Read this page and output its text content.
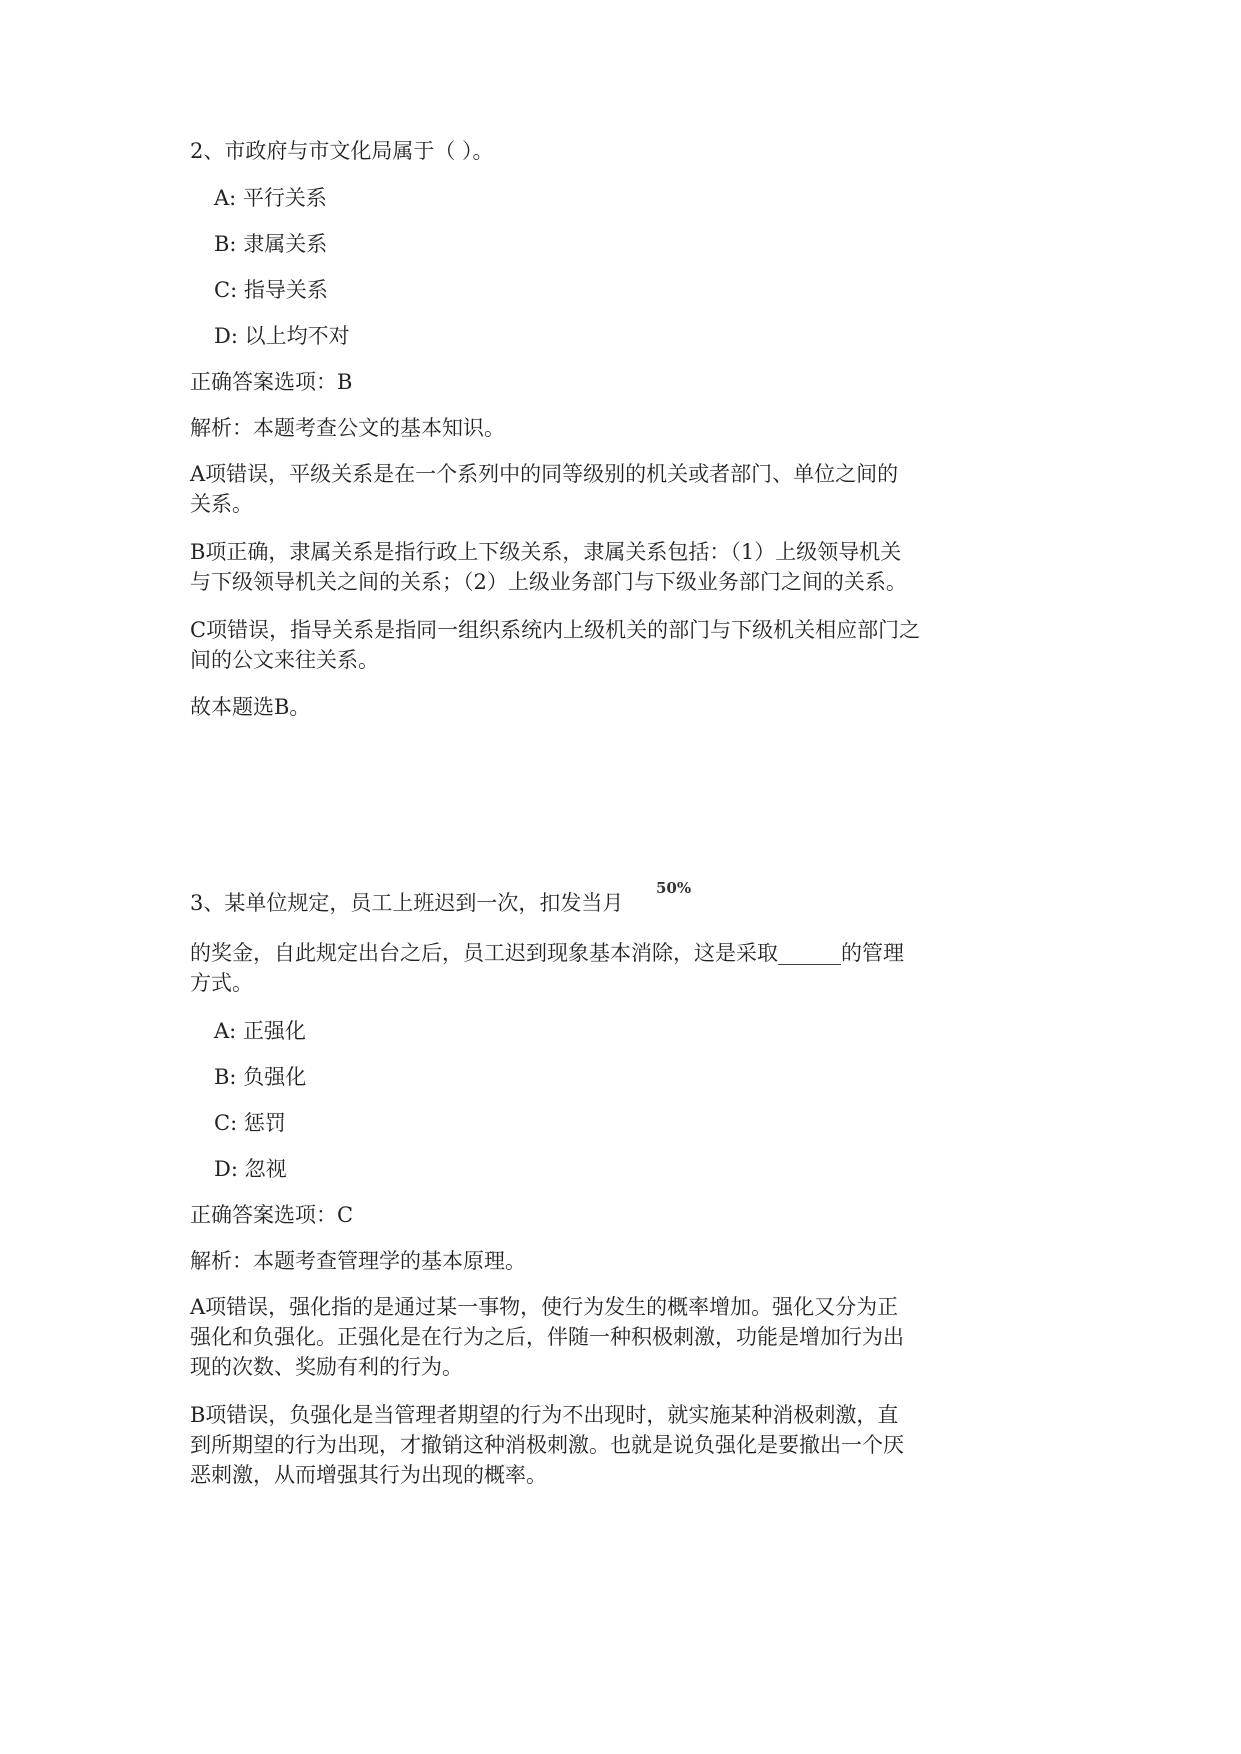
2、市政府与市文化局属于（ ）。
A: 平行关系
B: 隶属关系
C: 指导关系
D: 以上均不对
正确答案选项：B
解析：本题考查公文的基本知识。
A项错误，平级关系是在一个系列中的同等级别的机关或者部门、单位之间的
关系。
B项正确，隶属关系是指行政上下级关系，隶属关系包括：（1）上级领导机关
与下级领导机关之间的关系；（2）上级业务部门与下级业务部门之间的关系。
C项错误，指导关系是指同一组织系统内上级机关的部门与下级机关相应部门之
间的公文来往关系。
故本题选B。
3、某单位规定，员工上班迟到一次，扣发当月
50%
的奖金，自此规定出台之后，员工迟到现象基本消除，这是采取______的管理
方式。
A: 正强化
B: 负强化
C: 惩罚
D: 忽视
正确答案选项：C
解析：本题考查管理学的基本原理。
A项错误，强化指的是通过某一事物，使行为发生的概率增加。强化又分为正
强化和负强化。正强化是在行为之后，伴随一种积极刺激，功能是增加行为出
现的次数、奖励有利的行为。
B项错误，负强化是当管理者期望的行为不出现时，就实施某种消极刺激，直
到所期望的行为出现，才撤销这种消极刺激。也就是说负强化是要撤出一个厌
恶刺激，从而增强其行为出现的概率。
